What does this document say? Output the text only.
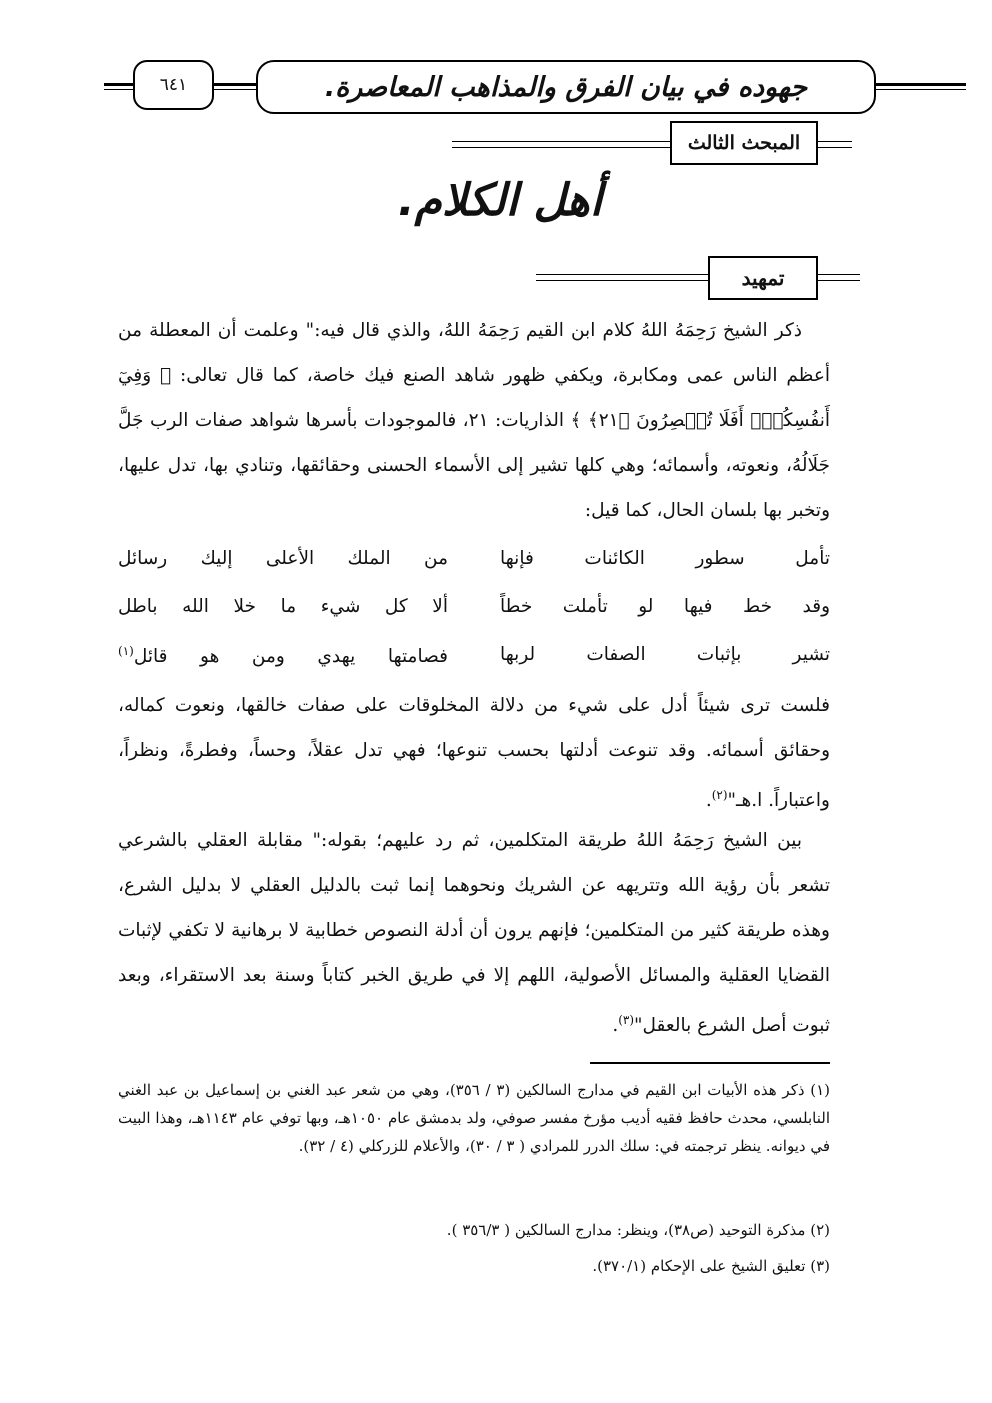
٦٤١	جهوده في بيان الفرق والمذاهب المعاصرة.
المبحث الثالث
أهل الكلام.
تمهيد
ذكر الشيخ رَحِمَهُ اللهُ كلام ابن القيم رَحِمَهُ اللهُ، والذي قال فيه:" وعلمت أن المعطلة من أعظم الناس عمى ومكابرة، ويكفي ظهور شاهد الصنع فيك خاصة، كما قال تعالى: ﴿ وَفِيٓ أَنفُسِكُمۡۚ أَفَلَا تُبۡصِرُونَ ﴿٢١﴾ ﴾ الذاريات: ٢١، فالموجودات بأسرها شواهد صفات الرب جَلَّ جَلَالُهُ، ونعوته، وأسمائه؛ وهي كلها تشير إلى الأسماء الحسنى وحقائقها، وتنادي بها، تدل عليها، وتخبر بها بلسان الحال، كما قيل:
تأمل سطور الكائنات فإنها
من الملك الأعلى إليك رسائل
وقد خط فيها لو تأملت خطاً
ألا كل شيء ما خلا الله باطل
تشير بإثبات الصفات لربها
فصامتها يهدي ومن هو قائل$^{(١)}$
فلست ترى شيئاً أدل على شيء من دلالة المخلوقات على صفات خالقها، ونعوت كماله، وحقائق أسمائه. وقد تنوعت أدلتها بحسب تنوعها؛ فهي تدل عقلاً، وحساً، وفطرةً، ونظراً، واعتباراً. ا.هـ"$^{(٢)}$.
بين الشيخ رَحِمَهُ اللهُ طريقة المتكلمين، ثم رد عليهم؛ بقوله:" مقابلة العقلي بالشرعي تشعر بأن رؤية الله وتتريهه عن الشريك ونحوهما إنما ثبت بالدليل العقلي لا بدليل الشرع، وهذه طريقة كثير من المتكلمين؛ فإنهم يرون أن أدلة النصوص خطابية لا برهانية لا تكفي لإثبات القضايا العقلية والمسائل الأصولية، اللهم إلا في طريق الخبر كتاباً وسنة بعد الاستقراء، وبعد ثبوت أصل الشرع بالعقل"$^{(٣)}$.
(١) ذكر هذه الأبيات ابن القيم في مدارج السالكين (٣ / ٣٥٦)، وهي من شعر عبد الغني بن إسماعيل بن عبد الغني النابلسي، محدث حافظ فقيه أديب مؤرخ مفسر صوفي، ولد بدمشق عام ١٠٥٠هـ، وبها توفي عام ١١٤٣هـ، وهذا البيت في ديوانه. ينظر ترجمته في: سلك الدرر للمرادي ( ٣ / ٣٠)، والأعلام للزركلي (٤ / ٣٢).
(٢) مذكرة التوحيد (ص٣٨)، وينظر: مدارج السالكين ( ٣٥٦/٣ ).
(٣) تعليق الشيخ على الإحكام (٣٧٠/١).
